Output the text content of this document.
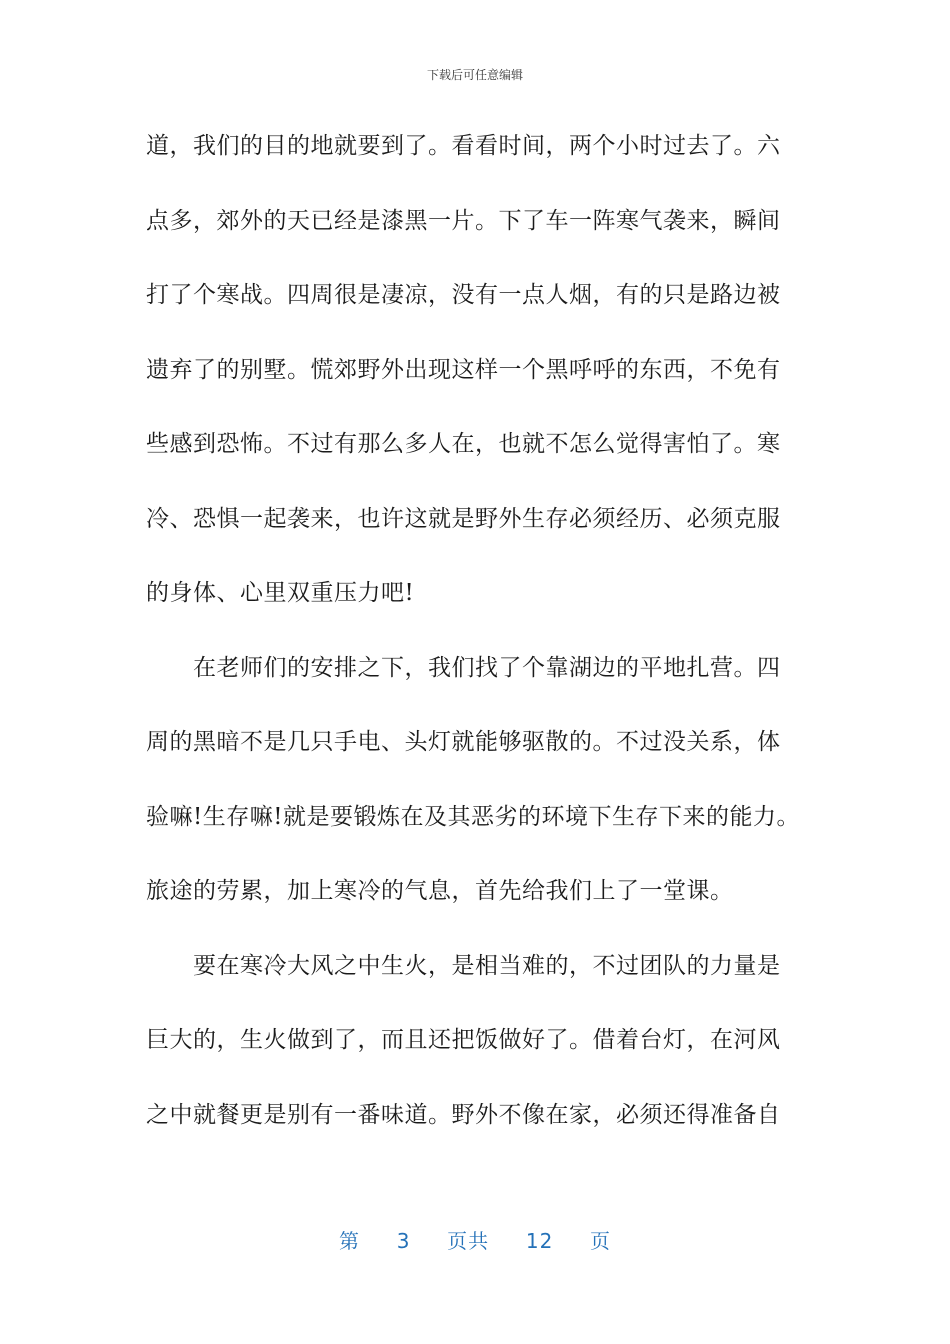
下载后可任意编辑
道，我们的目的地就要到了。看看时间，两个小时过去了。六
点多，郊外的天已经是漆黑一片。下了车一阵寒气袭来，瞬间
打了个寒战。四周很是凄凉，没有一点人烟，有的只是路边被
遗弃了的别墅。慌郊野外出现这样一个黑呼呼的东西，不免有
些感到恐怖。不过有那么多人在，也就不怎么觉得害怕了。寒
冷、恐惧一起袭来，也许这就是野外生存必须经历、必须克服
的身体、心里双重压力吧!
在老师们的安排之下，我们找了个靠湖边的平地扎营。四
周的黑暗不是几只手电、头灯就能够驱散的。不过没关系，体
验嘛!生存嘛!就是要锻炼在及其恶劣的环境下生存下来的能力。
旅途的劳累，加上寒冷的气息，首先给我们上了一堂课。
要在寒冷大风之中生火，是相当难的，不过团队的力量是
巨大的，生火做到了，而且还把饭做好了。借着台灯，在河风
之中就餐更是别有一番味道。野外不像在家，必须还得准备自
第 3 页共 12 页
